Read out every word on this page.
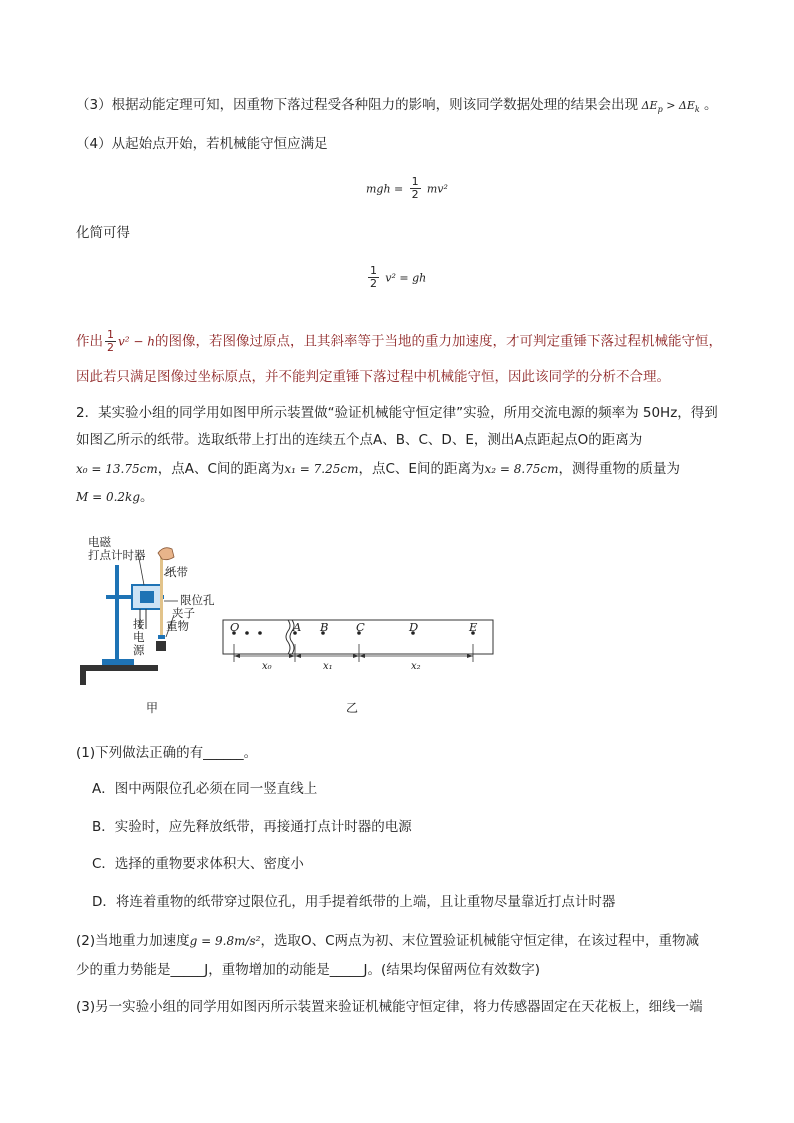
（3）根据动能定理可知，因重物下落过程受各种阻力的影响，则该同学数据处理的结果会出现 $\Delta E_p > \Delta E_k$ 。
（4）从起始点开始，若机械能守恒应满足
mgh = $\frac{1}{2} mv^2$
化简可得
$\frac{1}{2} v^2$ = gh
作出 $\frac{1}{2} v^2 - h$的图像，若图像过原点，且其斜率等于当地的重力加速度，才可判定重锤下落过程机械能守恒，
因此若只满足图像过坐标原点，并不能判定重锤下落过程中机械能守恒，因此该同学的分析不合理。
2．某实验小组的同学用如图甲所示装置做“验证机械能守恒定律”实验，所用交流电源的频率为 50Hz，得到
如图乙所示的纸带。选取纸带上打出的连续五个点A、B、C、D、E，测出A点距起点O的距离为
x₀ = 13.75cm，点A、C间的距离为x₁ = 7.25cm，点C、E间的距离为x₂ = 8.75cm，测得重物的质量为
M = 0.2kg。
电磁
打点计时器
纸带
限位孔
夹子
重物
接
电
源
甲
O	A B C	D	E
x₀	x₁	x₂
乙
(1)下列做法正确的有______。
A．图中两限位孔必须在同一竖直线上
B．实验时，应先释放纸带，再接通打点计时器的电源
C．选择的重物要求体积大、密度小
D．将连着重物的纸带穿过限位孔，用手提着纸带的上端，且让重物尽量靠近打点计时器
(2)当地重力加速度g = 9.8m/s²，选取O、C两点为初、末位置验证机械能守恒定律，在该过程中，重物减
少的重力势能是_____J，重物增加的动能是_____J。(结果均保留两位有效数字)
(3)另一实验小组的同学用如图丙所示装置来验证机械能守恒定律，将力传感器固定在天花板上，细线一端
